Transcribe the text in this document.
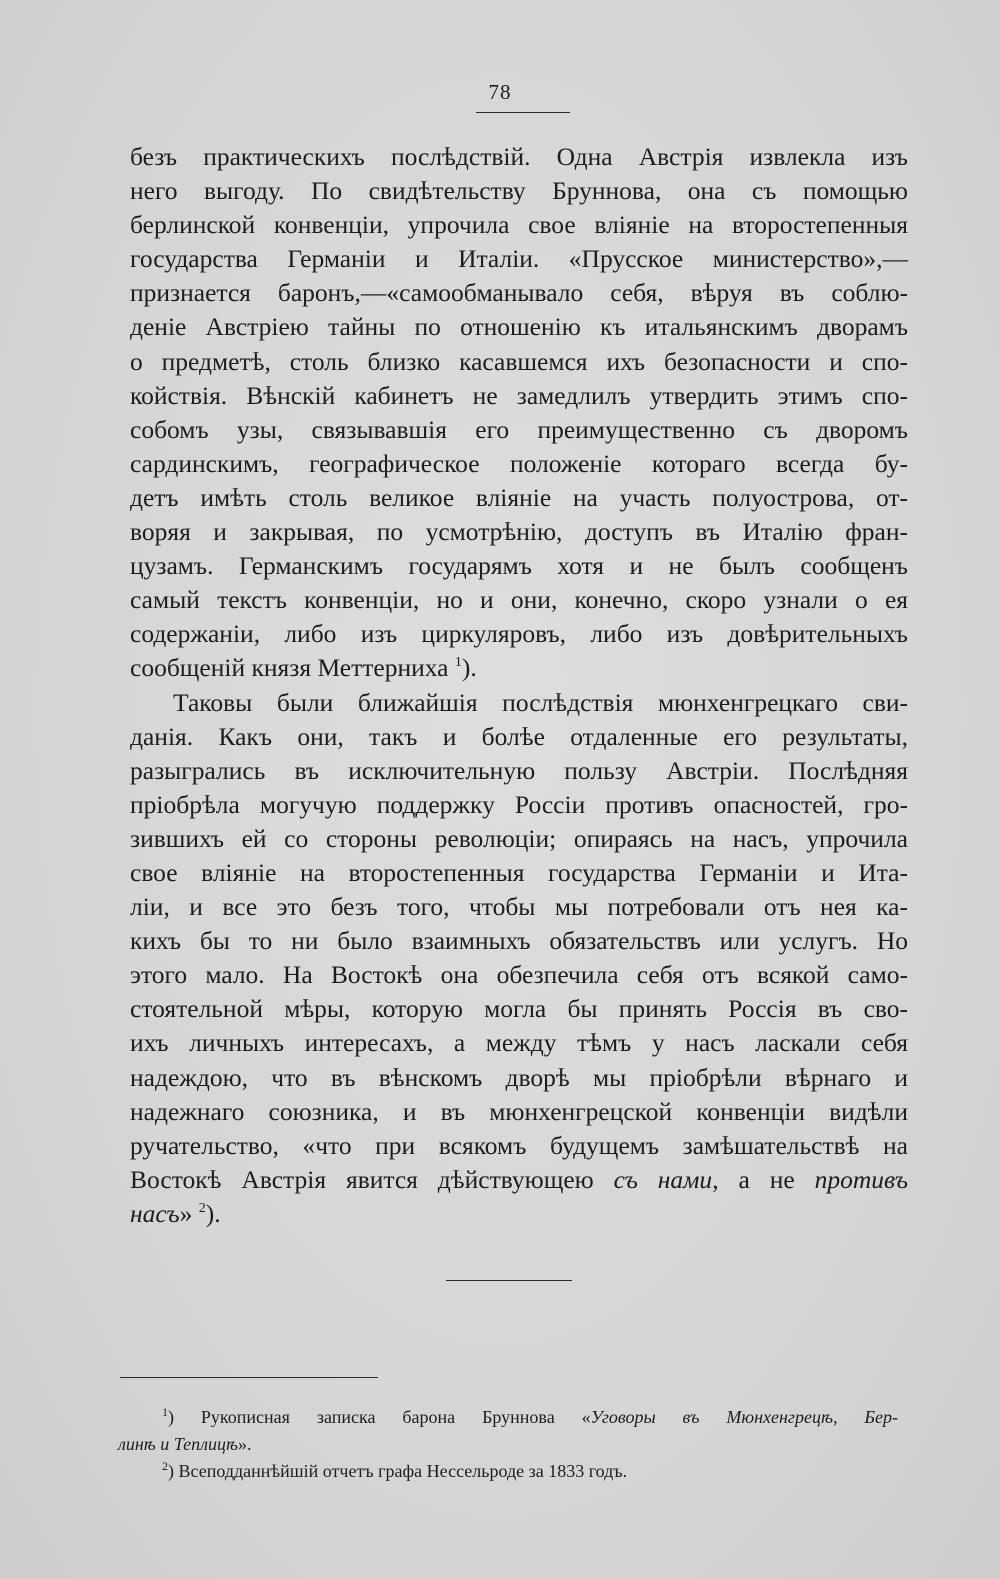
78

безъ практическихъ послѣдствій. Одна Австрія извлекла изъ
него выгоду. По свидѣтельству Бруннова, она съ помощью
берлинской конвенціи, упрочила свое вліяніе на второстепенныя
государства Германіи и Италіи. «Прусское министерство»,—
признается баронъ,—«самообманывало себя, вѣруя въ соблю-
деніе Австріею тайны по отношенію къ итальянскимъ дворамъ
о предметѣ, столь близко касавшемся ихъ безопасности и спо-
койствія. Вѣнскій кабинетъ не замедлилъ утвердить этимъ спо-
собомъ узы, связывавшія его преимущественно съ дворомъ
сардинскимъ, географическое положеніе котораго всегда бу-
детъ имѣть столь великое вліяніе на участь полуострова, от-
воряя и закрывая, по усмотрѣнію, доступъ въ Италію фран-
цузамъ. Германскимъ государямъ хотя и не былъ сообщенъ
самый текстъ конвенціи, но и они, конечно, скоро узнали о ея
содержаніи, либо изъ циркуляровъ, либо изъ довѣрительныхъ
сообщеній князя Меттерниха $^1$).

Таковы были ближайшія послѣдствія мюнхенгрецкаго сви-
данія. Какъ они, такъ и болѣе отдаленные его результаты,
разыгрались въ исключительную пользу Австріи. Послѣдняя
пріобрѣла могучую поддержку Россіи противъ опасностей, гро-
зившихъ ей со стороны революціи; опираясь на насъ, упрочила
свое вліяніе на второстепенныя государства Германіи и Ита-
ліи, и все это безъ того, чтобы мы потребовали отъ нея ка-
кихъ бы то ни было взаимныхъ обязательствъ или услугъ. Но
этого мало. На Востокѣ она обезпечила себя отъ всякой само-
стоятельной мѣры, которую могла бы принять Россія въ сво-
ихъ личныхъ интересахъ, а между тѣмъ у насъ ласкали себя
надеждою, что въ вѣнскомъ дворѣ мы пріобрѣли вѣрнаго и
надежнаго союзника, и въ мюнхенгрецской конвенціи видѣли
ручательство, «что при всякомъ будущемъ замѣшательствѣ на
Востокѣ Австрія явится дѣйствующею съ нами, а не противъ
насъ» $^2$).

$^1$) Рукописная записка барона Бруннова «Уговоры въ Мюнхенгрецѣ, Бер-
линѣ и Теплицѣ».
$^2$) Всеподданнѣйшій отчетъ графа Нессельроде за 1833 годъ.
